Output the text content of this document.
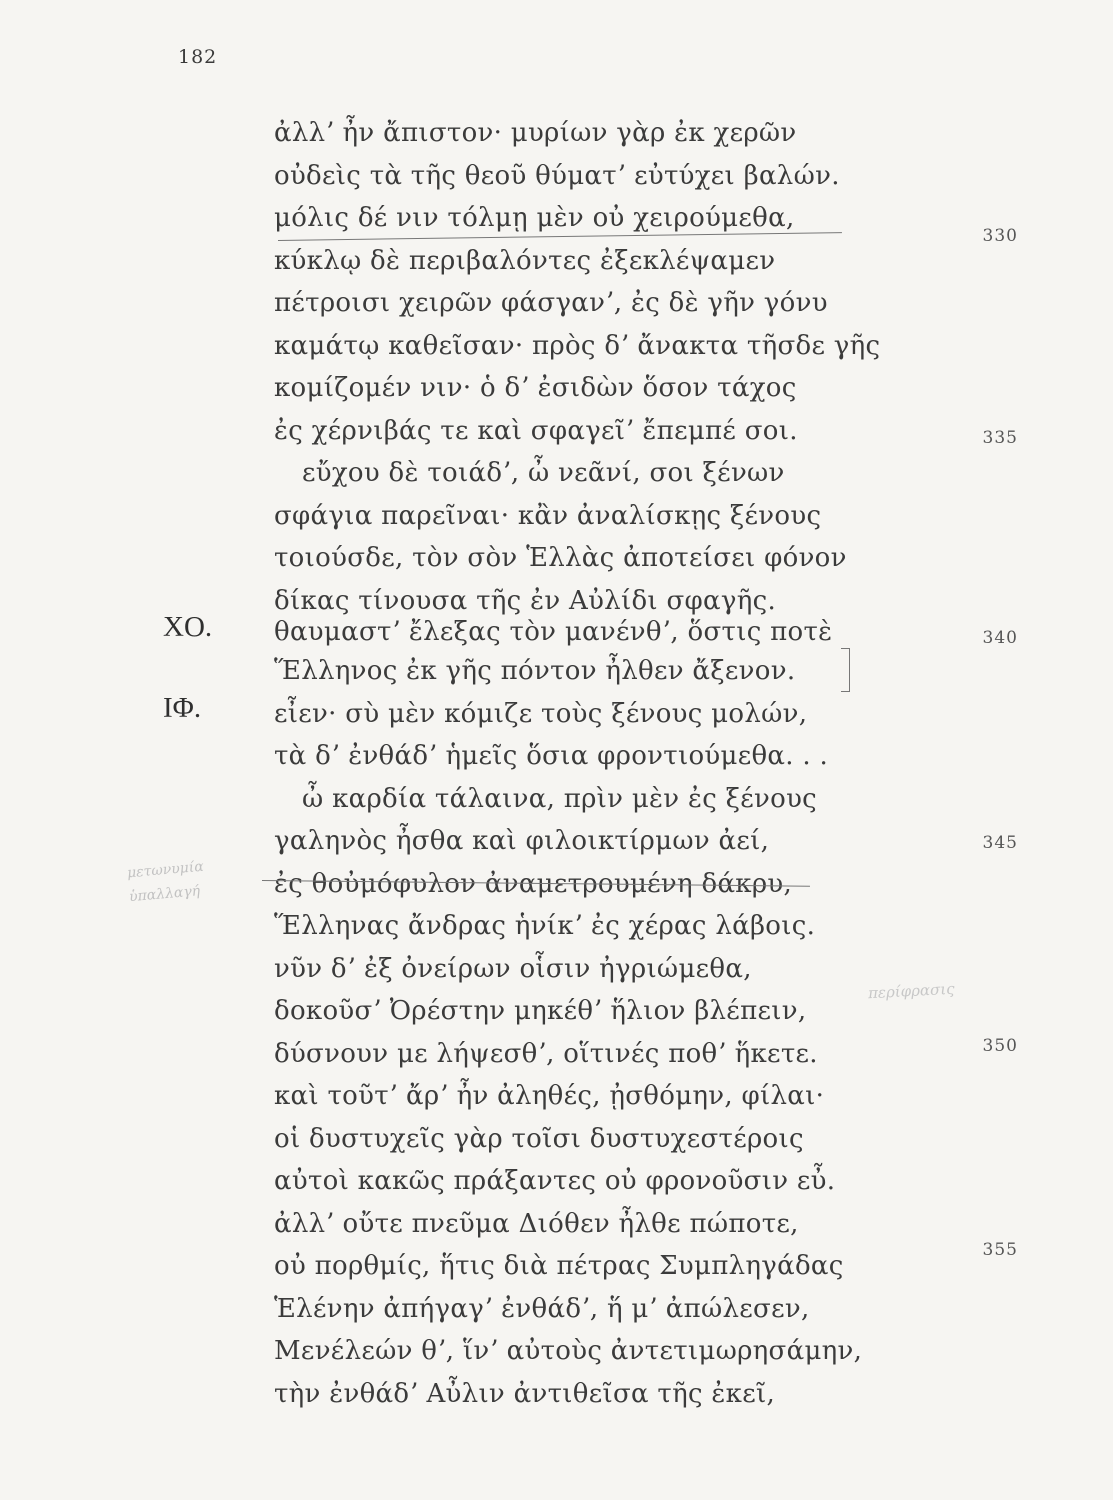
182
ΧΟ.
ΙΦ.
ἀλλʼ ἦν ἄπιστον· μυρίων γὰρ ἐκ χερῶν
οὐδεὶς τὰ τῆς θεοῦ θύματʼ εὐτύχει βαλών.
μόλις δέ νιν τόλμῃ μὲν οὐ χειρούμεθα,
κύκλῳ δὲ περιβαλόντες ἐξεκλέψαμεν
πέτροισι χειρῶν φάσγανʼ, ἐς δὲ γῆν γόνυ
καμάτῳ καθεῖσαν· πρὸς δʼ ἄνακτα τῆσδε γῆς
κομίζομέν νιν· ὁ δʼ ἐσιδὼν ὅσον τάχος
ἐς χέρνιβάς τε καὶ σφαγεῖʼ ἔπεμπέ σοι.
εὔχου δὲ τοιάδʼ, ὦ νεᾶνί, σοι ξένων
σφάγια παρεῖναι· κἂν ἀναλίσκῃς ξένους
τοιούσδε, τὸν σὸν Ἑλλὰς ἀποτείσει φόνον
δίκας τίνουσα τῆς ἐν Αὐλίδι σφαγῆς.
θαυμαστʼ ἔλεξας τὸν μανένθʼ, ὅστις ποτὲ
Ἕλληνος ἐκ γῆς πόντον ἦλθεν ἄξενον.
εἶεν· σὺ μὲν κόμιζε τοὺς ξένους μολών,
τὰ δʼ ἐνθάδʼ ἡμεῖς ὅσια φροντιούμεθα. . .
ὦ καρδία τάλαινα, πρὶν μὲν ἐς ξένους
γαληνὸς ἦσθα καὶ φιλοικτίρμων ἀεί,
ἐς θοὐμόφυλον ἀναμετρουμένη δάκρυ,
Ἕλληνας ἄνδρας ἡνίκʼ ἐς χέρας λάβοις.
νῦν δʼ ἐξ ὀνείρων οἷσιν ἠγριώμεθα,
δοκοῦσʼ Ὀρέστην μηκέθʼ ἥλιον βλέπειν,
δύσνουν με λήψεσθʼ, οἵτινές ποθʼ ἥκετε.
καὶ τοῦτʼ ἄρʼ ἦν ἀληθές, ᾐσθόμην, φίλαι·
οἱ δυστυχεῖς γὰρ τοῖσι δυστυχεστέροις
αὐτοὶ κακῶς πράξαντες οὐ φρονοῦσιν εὖ.
ἀλλʼ οὔτε πνεῦμα Διόθεν ἦλθε πώποτε,
οὐ πορθμίς, ἥτις διὰ πέτρας Συμπληγάδας
Ἑλένην ἀπήγαγʼ ἐνθάδʼ, ἥ μʼ ἀπώλεσεν,
Μενέλεών θʼ, ἵνʼ αὐτοὺς ἀντετιμωρησάμην,
τὴν ἐνθάδʼ Αὖλιν ἀντιθεῖσα τῆς ἐκεῖ,
330
335
340
345
350
355
μετωνυμία
ὑπαλλαγή
περίφρασις
